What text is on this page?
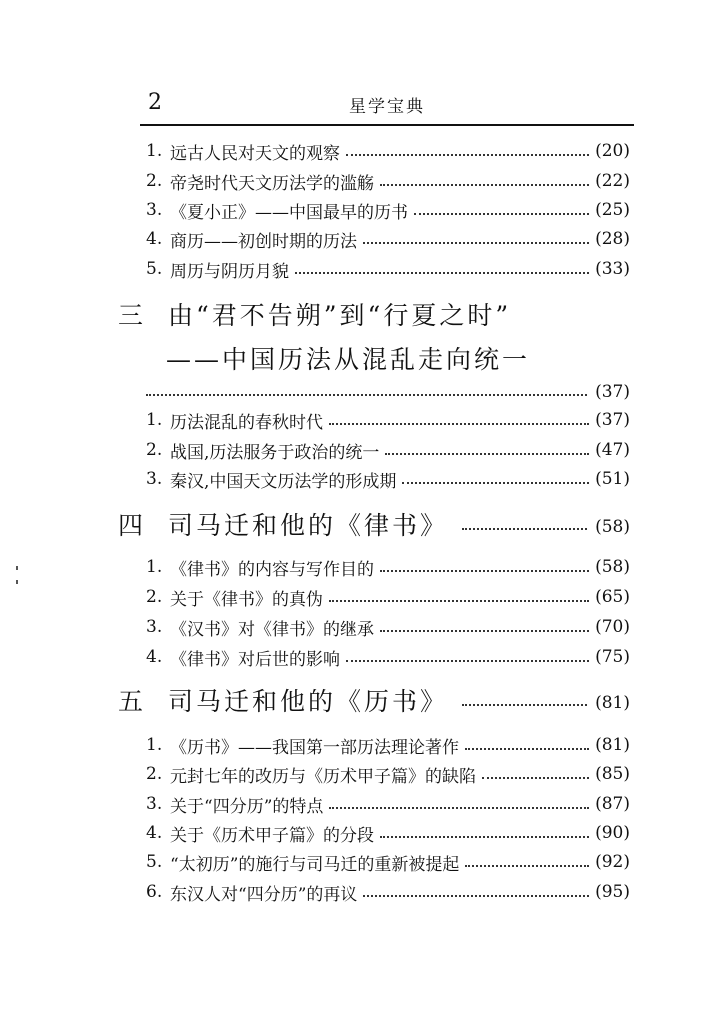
2	星学宝典
1. 远古人民对天文的观察	(20)
2. 帝尧时代天文历法学的滥觞	(22)
3. 《夏小正》——中国最早的历书	(25)
4. 商历——初创时期的历法	(28)
5. 周历与阴历月貌	(33)
三 由“君不告朔”到“行夏之时”
——中国历法从混乱走向统一
(37)
1. 历法混乱的春秋时代	(37)
2. 战国,历法服务于政治的统一	(47)
3. 秦汉,中国天文历法学的形成期	(51)
四 司马迁和他的《律书》	(58)
1. 《律书》的内容与写作目的	(58)
2. 关于《律书》的真伪	(65)
3. 《汉书》对《律书》的继承	(70)
4. 《律书》对后世的影响	(75)
五 司马迁和他的《历书》	(81)
1. 《历书》——我国第一部历法理论著作	(81)
2. 元封七年的改历与《历术甲子篇》的缺陷	(85)
3. 关于“四分历”的特点	(87)
4. 关于《历术甲子篇》的分段	(90)
5. “太初历”的施行与司马迁的重新被提起	(92)
6. 东汉人对“四分历”的再议	(95)
